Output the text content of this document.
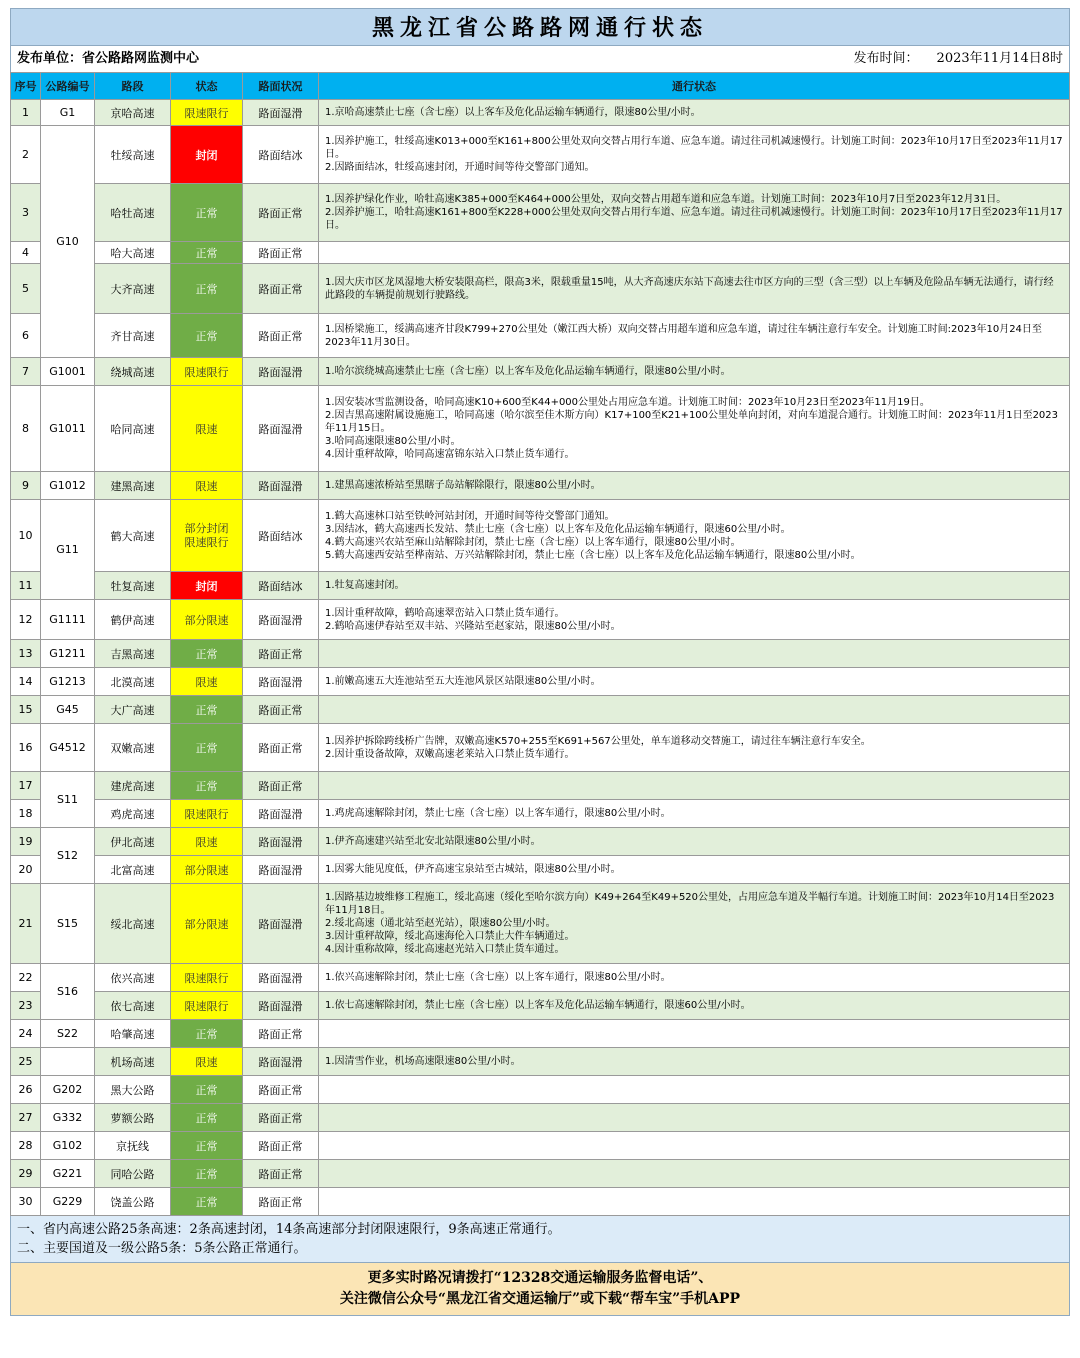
黑龙江省公路路网通行状态
发布单位：省公路路网监测中心	发布时间： 2023年11月14日8时
序号	公路编号	路段	状态	路面状况	通行状态
1	G1	京哈高速	限速限行	路面湿滑	1.京哈高速禁止七座（含七座）以上客车及危化品运输车辆通行，限速80公里/小时。

2	G10	牡绥高速	封闭	路面结冰	1.因养护施工，牡绥高速K013+000至K161+800公里处双向交替占用行车道、应急车道。请过往司机减速慢行。计划施工时间：2023年10月17日至2023年11月17日。
2.因路面结冰，牡绥高速封闭，开通时间等待交警部门通知。

3		哈牡高速	正常	路面正常	1.因养护绿化作业，哈牡高速K385+000至K464+000公里处，双向交替占用超车道和应急车道。计划施工时间：2023年10月7日至2023年12月31日。
2.因养护施工，哈牡高速K161+800至K228+000公里处双向交替占用行车道、应急车道。请过往司机减速慢行。计划施工时间：2023年10月17日至2023年11月17日。

4		哈大高速	正常	路面正常	
5		大齐高速	正常	路面正常	1.因大庆市区龙凤湿地大桥安装限高栏，限高3米，限载重量15吨，从大齐高速庆东站下高速去往市区方向的三型（含三型）以上车辆及危险品车辆无法通行，请行经此路段的车辆提前规划行驶路线。

6		齐甘高速	正常	路面正常	1.因桥梁施工，绥满高速齐甘段K799+270公里处（嫩江西大桥）双向交替占用超车道和应急车道，请过往车辆注意行车安全。计划施工时间:2023年10月24日至2023年11月30日。

7	G1001	绕城高速	限速限行	路面湿滑	1.哈尔滨绕城高速禁止七座（含七座）以上客车及危化品运输车辆通行，限速80公里/小时。

8	G1011	哈同高速	限速	路面湿滑	1.因安装冰雪监测设备，哈同高速K10+600至K44+000公里处占用应急车道。计划施工时间：2023年10月23日至2023年11月19日。
2.因吉黑高速附属设施施工，哈同高速（哈尔滨至佳木斯方向）K17+100至K21+100公里处单向封闭，对向车道混合通行。计划施工时间：2023年11月1日至2023年11月15日。
3.哈同高速限速80公里/小时。
4.因计重秤故障，哈同高速富锦东站入口禁止货车通行。

9	G1012	建黑高速	限速	路面湿滑	1.建黑高速浓桥站至黑瞎子岛站解除限行，限速80公里/小时。

10	G11	鹤大高速	部分封闭限速限行	路面结冰	1.鹤大高速林口站至铁岭河站封闭，开通时间等待交警部门通知。
3.因结冰，鹤大高速西长发站、禁止七座（含七座）以上客车及危化品运输车辆通行，限速60公里/小时。
4.鹤大高速兴农站至麻山站解除封闭，禁止七座（含七座）以上客车通行，限速80公里/小时。
5.鹤大高速西安站至桦南站、万兴站解除封闭，禁止七座（含七座）以上客车及危化品运输车辆通行，限速80公里/小时。

11		牡复高速	封闭	路面结冰	1.牡复高速封闭。

12	G1111	鹤伊高速	部分限速	路面湿滑	1.因计重秤故障，鹤哈高速翠峦站入口禁止货车通行。
2.鹤哈高速伊春站至双丰站、兴隆站至赵家站，限速80公里/小时。

13	G1211	吉黑高速	正常	路面正常	
14	G1213	北漠高速	限速	路面湿滑	1.前嫩高速五大连池站至五大连池风景区站限速80公里/小时。

15	G45	大广高速	正常	路面正常	
16	G4512	双嫩高速	正常	路面正常	1.因养护拆除跨线桥广告牌，双嫩高速K570+255至K691+567公里处，单车道移动交替施工，请过往车辆注意行车安全。
2.因计重设备故障，双嫩高速老莱站入口禁止货车通行。

17	S11	建虎高速	正常	路面正常	
18		鸡虎高速	限速限行	路面湿滑	1.鸡虎高速解除封闭，禁止七座（含七座）以上客车通行，限速80公里/小时。

19	S12	伊北高速	限速	路面湿滑	1.伊齐高速建兴站至北安北站限速80公里/小时。

20		北富高速	部分限速	路面湿滑	1.因雾大能见度低，伊齐高速宝泉站至古城站，限速80公里/小时。

21	S15	绥北高速	部分限速	路面湿滑	1.因路基边坡维修工程施工，绥北高速（绥化至哈尔滨方向）K49+264至K49+520公里处，占用应急车道及半幅行车道。计划施工时间：2023年10月14日至2023年11月18日。
2.绥北高速（通北站至赵光站），限速80公里/小时。
3.因计重秤故障，绥北高速海伦入口禁止大件车辆通过。
4.因计重称故障，绥北高速赵光站入口禁止货车通过。

22	S16	依兴高速	限速限行	路面湿滑	1.依兴高速解除封闭，禁止七座（含七座）以上客车通行，限速80公里/小时。

23		依七高速	限速限行	路面湿滑	1.依七高速解除封闭，禁止七座（含七座）以上客车及危化品运输车辆通行，限速60公里/小时。

24	S22	哈肇高速	正常	路面正常	
25		机场高速	限速	路面湿滑	1.因清雪作业，机场高速限速80公里/小时。

26	G202	黑大公路	正常	路面正常	
27	G332	萝额公路	正常	路面正常	
28	G102	京抚线	正常	路面正常	
29	G221	同哈公路	正常	路面正常	
30	G229	饶盖公路	正常	路面正常	
一、省内高速公路25条高速：2条高速封闭，14条高速部分封闭限速限行，9条高速正常通行。
二、主要国道及一级公路5条：5条公路正常通行。
更多实时路况请拨打“12328交通运输服务监督电话”、
关注微信公众号“黑龙江省交通运输厅”或下载“帮车宝”手机APP
